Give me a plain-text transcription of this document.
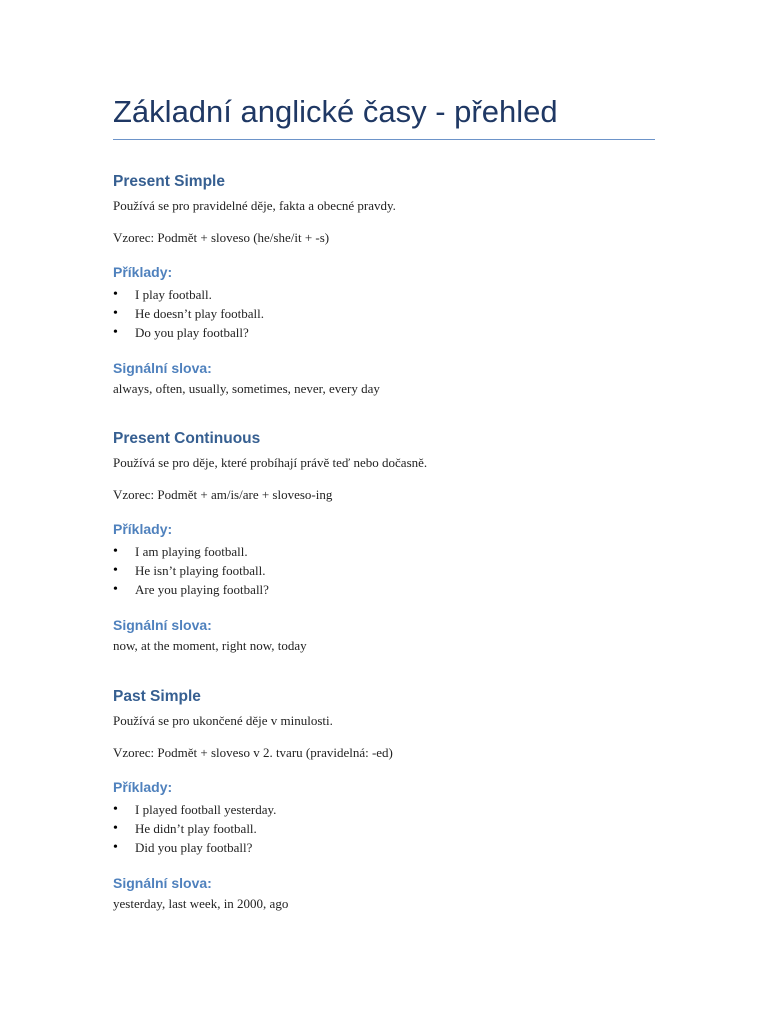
Základní anglické časy - přehled
Present Simple

Používá se pro pravidelné děje, fakta a obecné pravdy.

Vzorec: Podmět + sloveso (he/she/it + -s)

Příklady:
• I play football.
• He doesn’t play football.
• Do you play football?
Signální slova:

always, often, usually, sometimes, never, every day

Present Continuous

Používá se pro děje, které probíhají právě teď nebo dočasně.

Vzorec: Podmět + am/is/are + sloveso-ing

Příklady:
• I am playing football.
• He isn’t playing football.
• Are you playing football?
Signální slova:

now, at the moment, right now, today

Past Simple

Používá se pro ukončené děje v minulosti.

Vzorec: Podmět + sloveso v 2. tvaru (pravidelná: -ed)

Příklady:
• I played football yesterday.
• He didn’t play football.
• Did you play football?
Signální slova:

yesterday, last week, in 2000, ago
